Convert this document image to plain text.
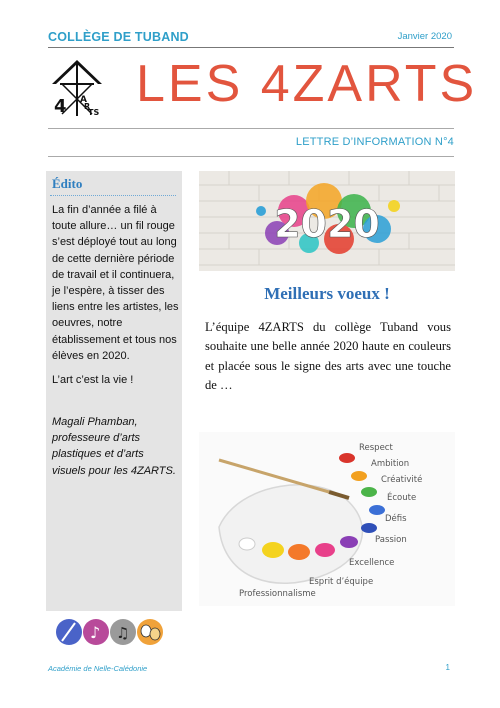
COLLÈGE DE TUBAND	Janvier 2020
4 A
R
TS LES 4ZARTS
LETTRE D’INFORMATION N°4
Édito

La fin d’année a filé à toute allure… un fil rouge s’est déployé tout au long de cette dernière période de travail et il continuera, je l’espère, à tisser des liens entre les artistes, les oeuvres, notre établissement et tous nos élèves en 2020.

L’art c’est la vie !

Magali Phamban, professeure d’arts plastiques et d’arts visuels pour les 4ZARTS.
2020
Meilleurs voeux !
L’équipe 4ZARTS du collège Tuband vous souhaite une belle année 2020 haute en couleurs et placée sous le signe des arts avec une touche de …
Respect
Ambition
Créativité
Écoute
Défis
Passion
Excellence
Esprit d’équipe
Professionnalisme
♪ ♫
Académie de Nelle-Calédonie	1
